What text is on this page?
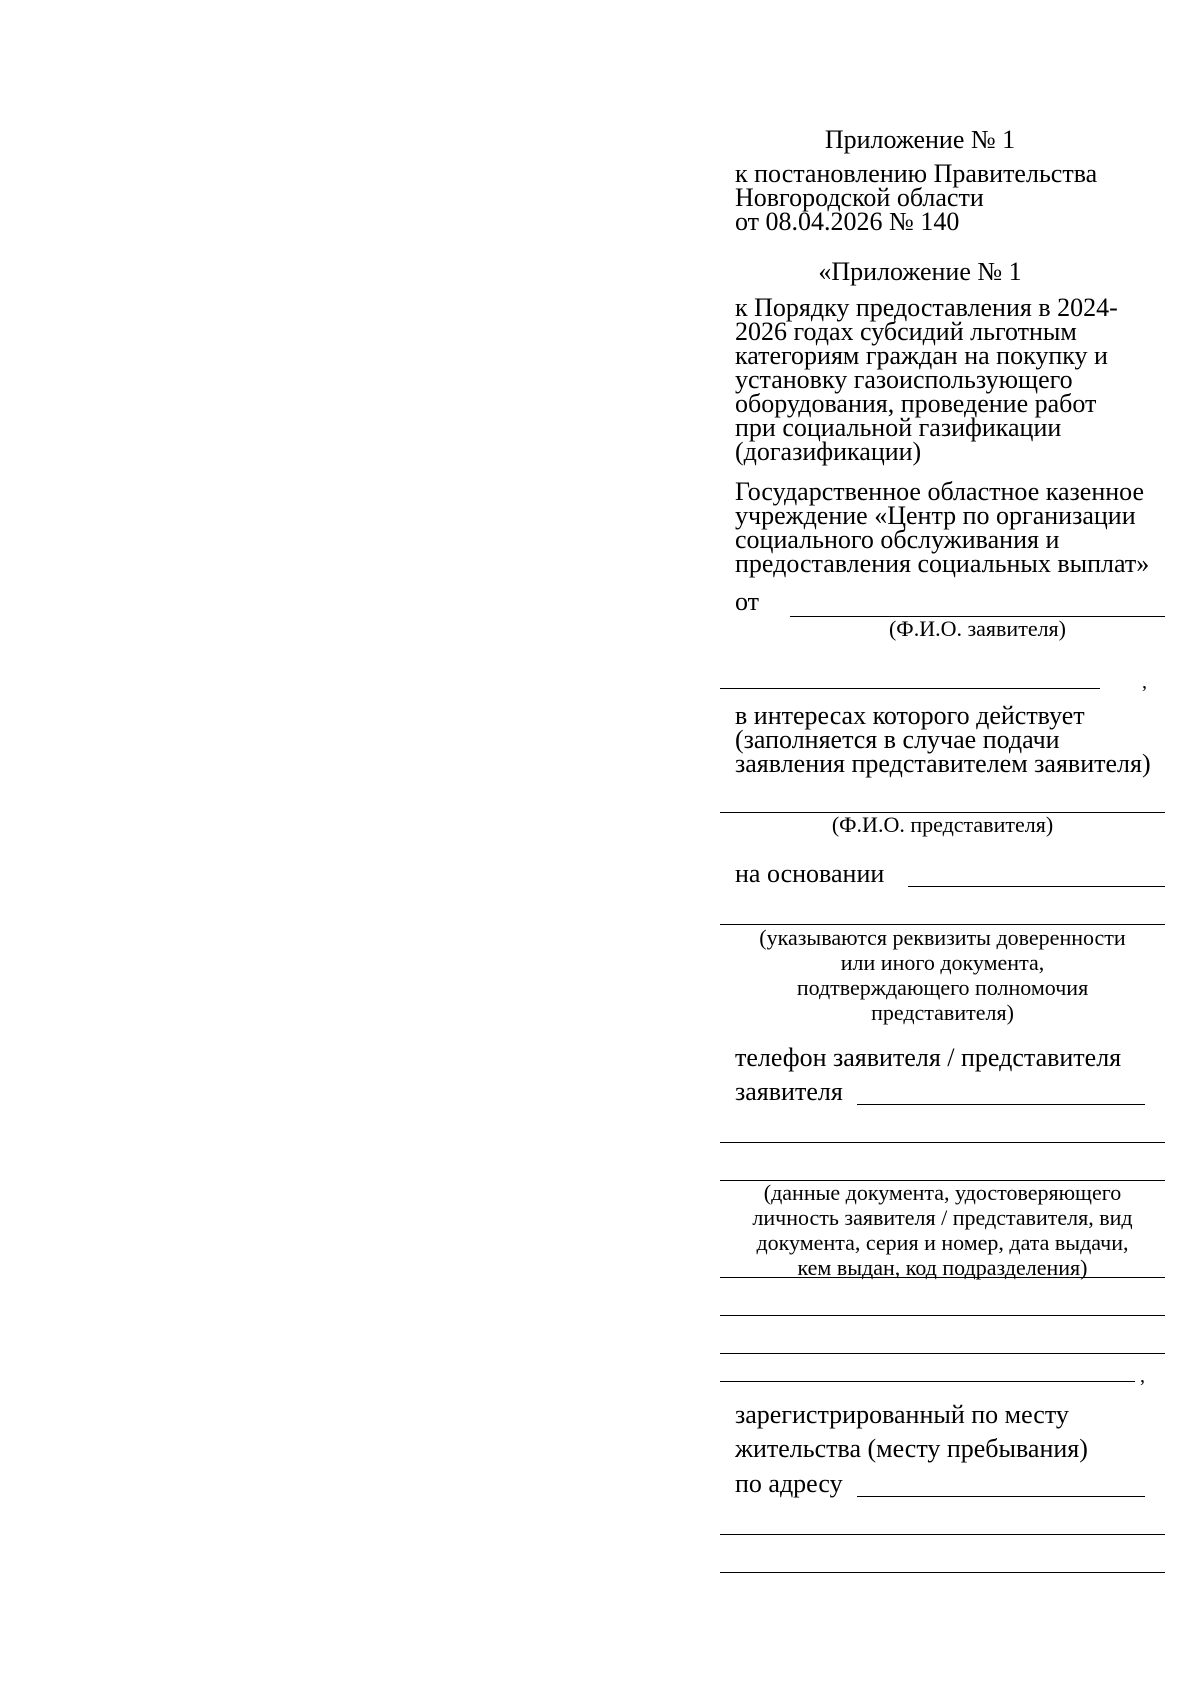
Приложение № 1
к постановлению Правительства
Новгородской области
от 08.04.2026 № 140
«Приложение № 1
к Порядку предоставления в 2024-
2026 годах субсидий льготным
категориям граждан на покупку и
установку газоиспользующего
оборудования, проведение работ
при социальной газификации
(догазификации)
Государственное областное казенное
учреждение «Центр по организации
социального обслуживания и
предоставления социальных выплат»
от
(Ф.И.О. заявителя)
,
в интересах которого действует
(заполняется в случае подачи
заявления представителем заявителя)
(Ф.И.О. представителя)
на основании
(указываются реквизиты доверенности
или иного документа,
подтверждающего полномочия
представителя)
телефон заявителя / представителя
заявителя
(данные документа, удостоверяющего
личность заявителя / представителя, вид
документа, серия и номер, дата выдачи,
кем выдан, код подразделения)
,
зарегистрированный по месту
жительства (месту пребывания)
по адресу
